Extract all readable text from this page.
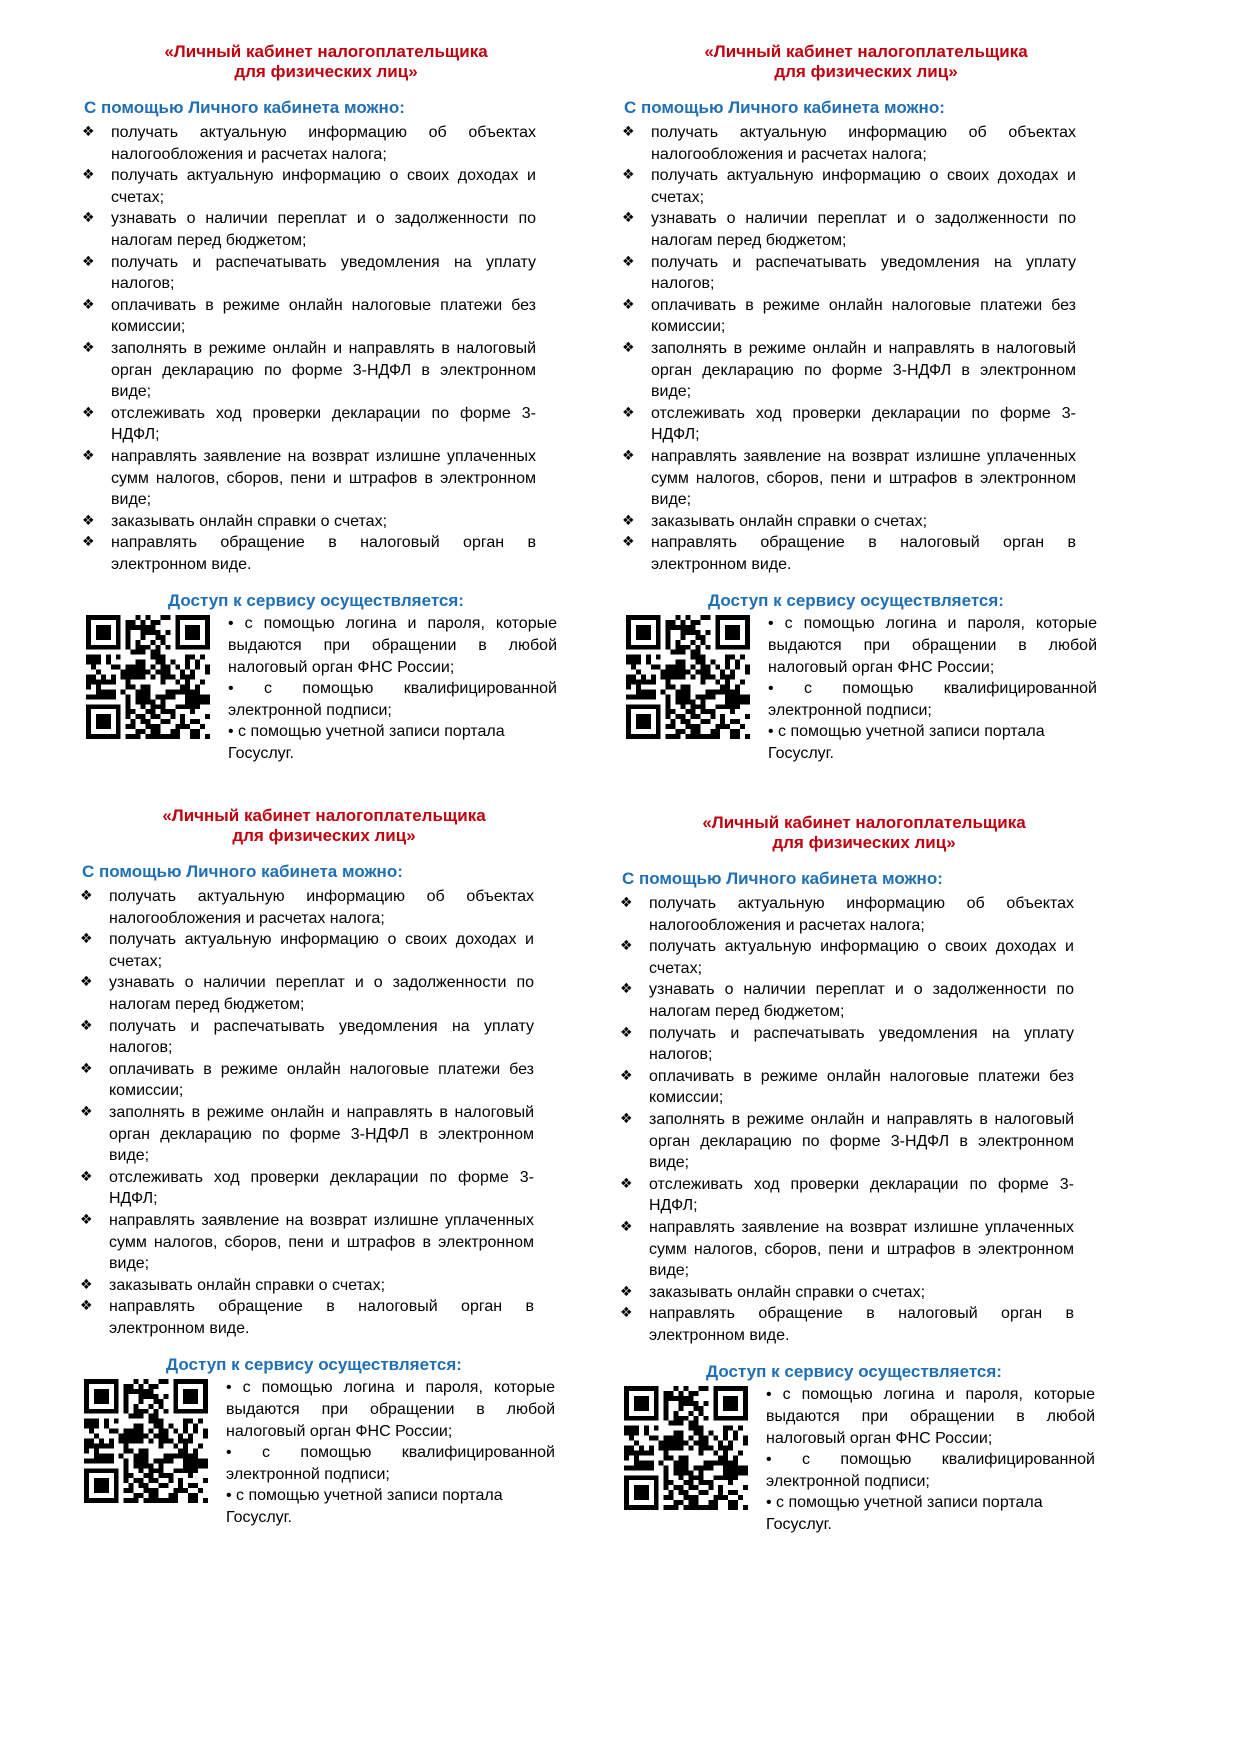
«Личный кабинет налогоплательщика
для физических лиц»
С помощью Личного кабинета можно:
❖ получать актуальную информацию об объектах налогообложения и расчетах налога;
❖ получать актуальную информацию о своих доходах и счетах;
❖ узнавать о наличии переплат и о задолженности по налогам перед бюджетом;
❖ получать и распечатывать уведомления на уплату налогов;
❖ оплачивать в режиме онлайн налоговые платежи без комиссии;
❖ заполнять в режиме онлайн и направлять в налоговый орган декларацию по форме 3-НДФЛ в электронном виде;
❖ отслеживать ход проверки декларации по форме 3-НДФЛ;
❖ направлять заявление на возврат излишне уплаченных сумм налогов, сборов, пени и штрафов в электронном виде;
❖ заказывать онлайн справки о счетах;
❖ направлять обращение в налоговый орган в электронном виде.
Доступ к сервису осуществляется:
• с помощью логина и пароля, которые выдаются при обращении в любой налоговый орган ФНС России;
• с помощью квалифицированной электронной подписи;
• с помощью учетной записи портала Госуслуг.
«Личный кабинет налогоплательщика
для физических лиц»
С помощью Личного кабинета можно:
❖ получать актуальную информацию об объектах налогообложения и расчетах налога;
❖ получать актуальную информацию о своих доходах и счетах;
❖ узнавать о наличии переплат и о задолженности по налогам перед бюджетом;
❖ получать и распечатывать уведомления на уплату налогов;
❖ оплачивать в режиме онлайн налоговые платежи без комиссии;
❖ заполнять в режиме онлайн и направлять в налоговый орган декларацию по форме 3-НДФЛ в электронном виде;
❖ отслеживать ход проверки декларации по форме 3-НДФЛ;
❖ направлять заявление на возврат излишне уплаченных сумм налогов, сборов, пени и штрафов в электронном виде;
❖ заказывать онлайн справки о счетах;
❖ направлять обращение в налоговый орган в электронном виде.
Доступ к сервису осуществляется:
• с помощью логина и пароля, которые выдаются при обращении в любой налоговый орган ФНС России;
• с помощью квалифицированной электронной подписи;
• с помощью учетной записи портала Госуслуг.
«Личный кабинет налогоплательщика
для физических лиц»
С помощью Личного кабинета можно:
❖ получать актуальную информацию об объектах налогообложения и расчетах налога;
❖ получать актуальную информацию о своих доходах и счетах;
❖ узнавать о наличии переплат и о задолженности по налогам перед бюджетом;
❖ получать и распечатывать уведомления на уплату налогов;
❖ оплачивать в режиме онлайн налоговые платежи без комиссии;
❖ заполнять в режиме онлайн и направлять в налоговый орган декларацию по форме 3-НДФЛ в электронном виде;
❖ отслеживать ход проверки декларации по форме 3-НДФЛ;
❖ направлять заявление на возврат излишне уплаченных сумм налогов, сборов, пени и штрафов в электронном виде;
❖ заказывать онлайн справки о счетах;
❖ направлять обращение в налоговый орган в электронном виде.
Доступ к сервису осуществляется:
• с помощью логина и пароля, которые выдаются при обращении в любой налоговый орган ФНС России;
• с помощью квалифицированной электронной подписи;
• с помощью учетной записи портала Госуслуг.
«Личный кабинет налогоплательщика
для физических лиц»
С помощью Личного кабинета можно:
❖ получать актуальную информацию об объектах налогообложения и расчетах налога;
❖ получать актуальную информацию о своих доходах и счетах;
❖ узнавать о наличии переплат и о задолженности по налогам перед бюджетом;
❖ получать и распечатывать уведомления на уплату налогов;
❖ оплачивать в режиме онлайн налоговые платежи без комиссии;
❖ заполнять в режиме онлайн и направлять в налоговый орган декларацию по форме 3-НДФЛ в электронном виде;
❖ отслеживать ход проверки декларации по форме 3-НДФЛ;
❖ направлять заявление на возврат излишне уплаченных сумм налогов, сборов, пени и штрафов в электронном виде;
❖ заказывать онлайн справки о счетах;
❖ направлять обращение в налоговый орган в электронном виде.
Доступ к сервису осуществляется:
• с помощью логина и пароля, которые выдаются при обращении в любой налоговый орган ФНС России;
• с помощью квалифицированной электронной подписи;
• с помощью учетной записи портала Госуслуг.
